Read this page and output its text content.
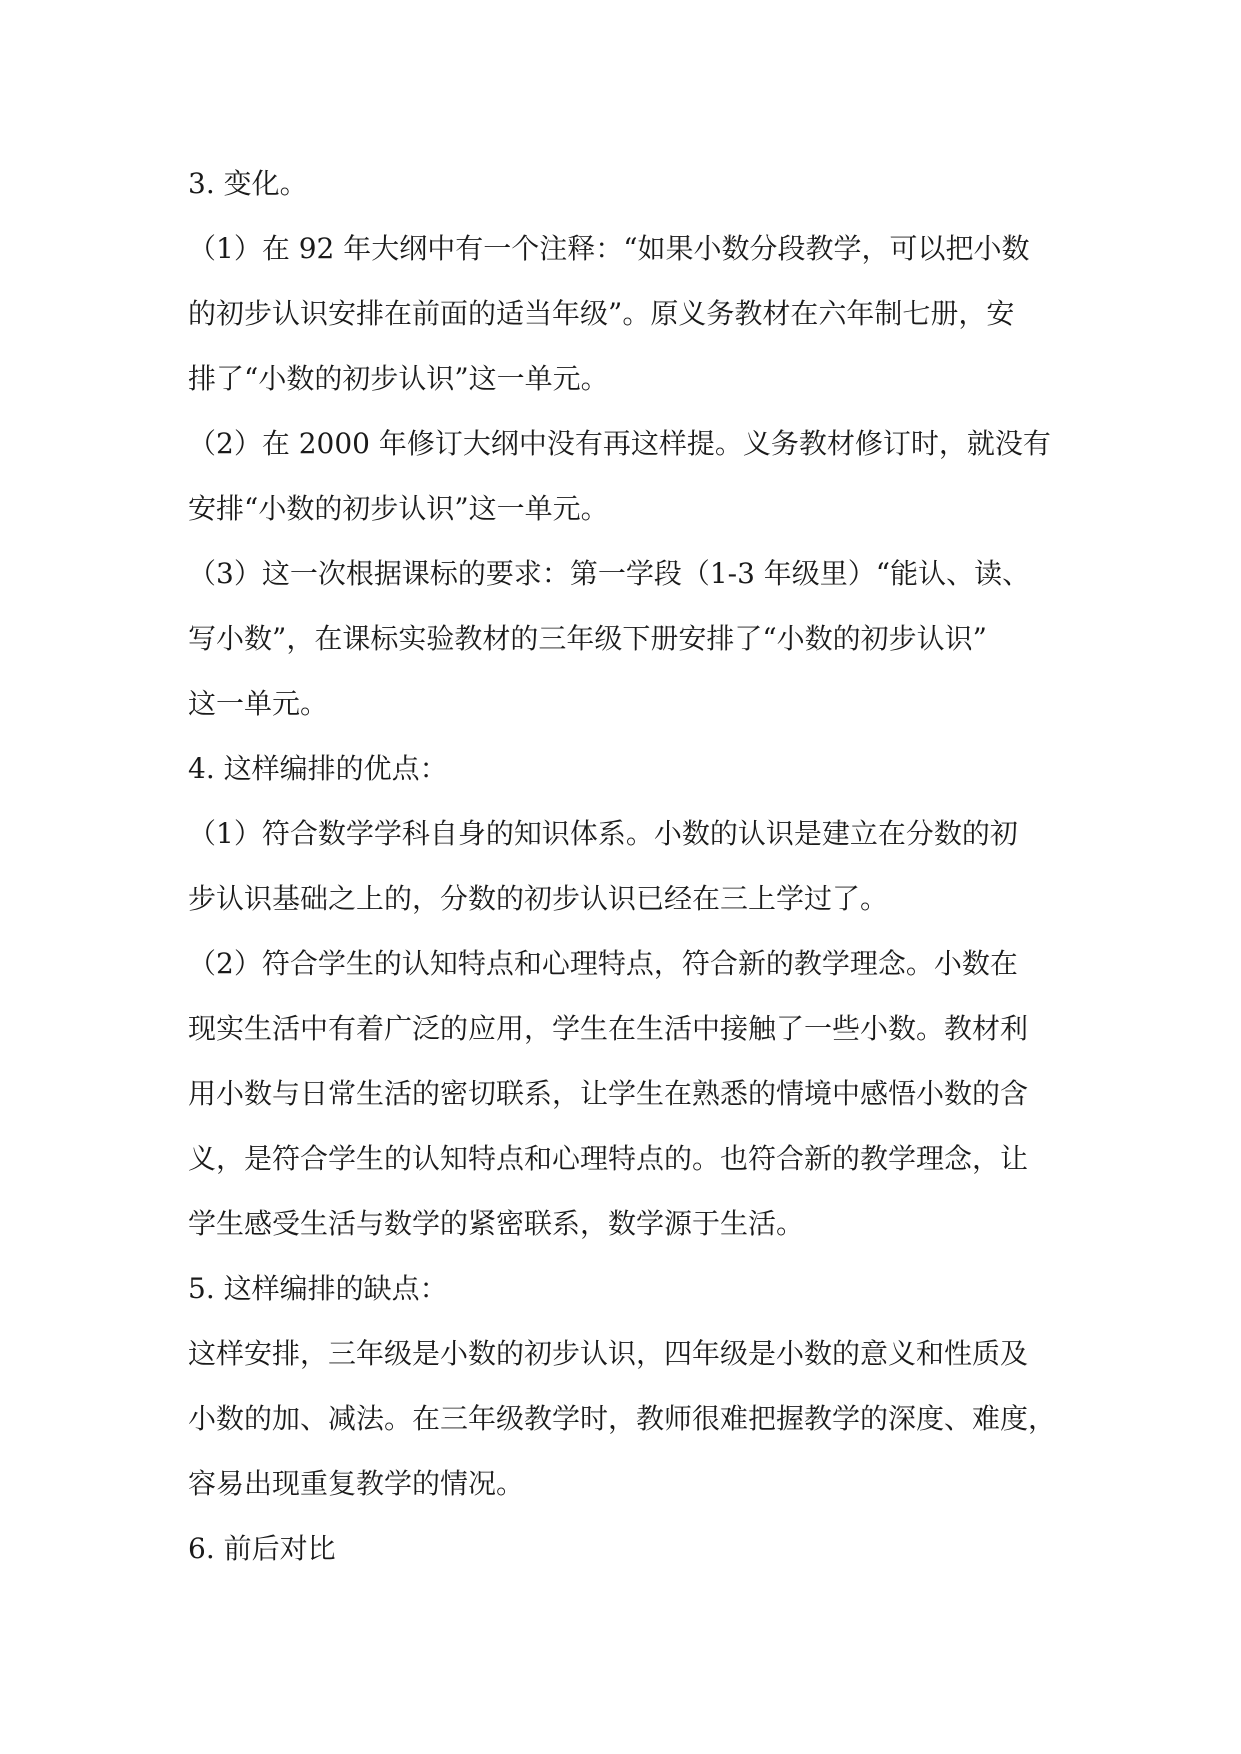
3. 变化。
（1）在 92 年大纲中有一个注释：“如果小数分段教学，可以把小数
的初步认识安排在前面的适当年级”。原义务教材在六年制七册，安
排了“小数的初步认识”这一单元。
（2）在 2000 年修订大纲中没有再这样提。义务教材修订时，就没有
安排“小数的初步认识”这一单元。
（3）这一次根据课标的要求：第一学段（1-3 年级里）“能认、读、
写小数”，在课标实验教材的三年级下册安排了“小数的初步认识”
这一单元。
4. 这样编排的优点：
（1）符合数学学科自身的知识体系。小数的认识是建立在分数的初
步认识基础之上的，分数的初步认识已经在三上学过了。
（2）符合学生的认知特点和心理特点，符合新的教学理念。小数在
现实生活中有着广泛的应用，学生在生活中接触了一些小数。教材利
用小数与日常生活的密切联系，让学生在熟悉的情境中感悟小数的含
义，是符合学生的认知特点和心理特点的。也符合新的教学理念，让
学生感受生活与数学的紧密联系，数学源于生活。
5. 这样编排的缺点：
这样安排，三年级是小数的初步认识，四年级是小数的意义和性质及
小数的加、减法。在三年级教学时，教师很难把握教学的深度、难度，
容易出现重复教学的情况。
6. 前后对比
